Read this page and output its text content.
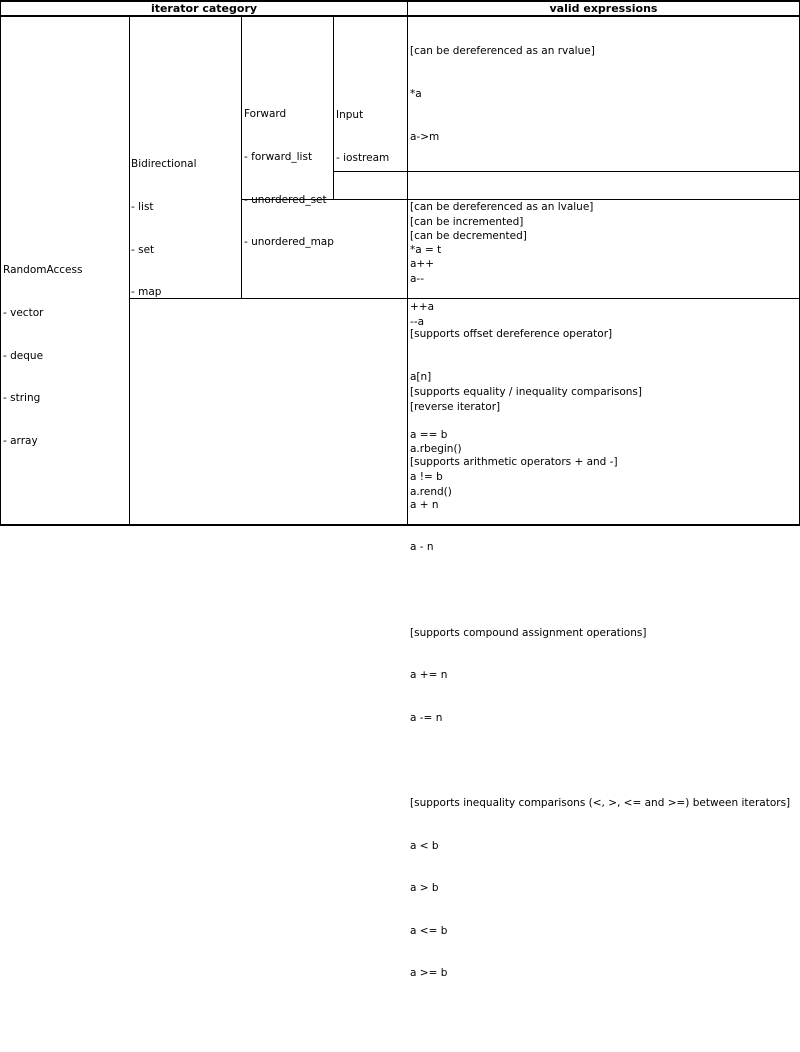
iterator category	valid expressions

RandomAccess

- vector

- deque

- string

- array

Bidirectional

- list

- set

- map

Forward

- forward_list

- unordered_map

Input

- iostream

[can be dereferenced as an rvalue]

*a

a->m

[can be incremented]

a++

++a

[supports equality / inequality comparisons]

a == b

a != b

[can be dereferenced as an lvalue]

*a = t

[can be decremented]

a--

--a

[reverse iterator]

a.rbegin()

a.rend()

[supports offset dereference operator]

a[n]

[supports arithmetic operators + and -]

a + n

a - n

[supports compound assignment operations]

a += n

a -= n

[supports inequality comparisons (<, >, <= and >=) between iterators]

a < b

a > b

a <= b

a >= b
